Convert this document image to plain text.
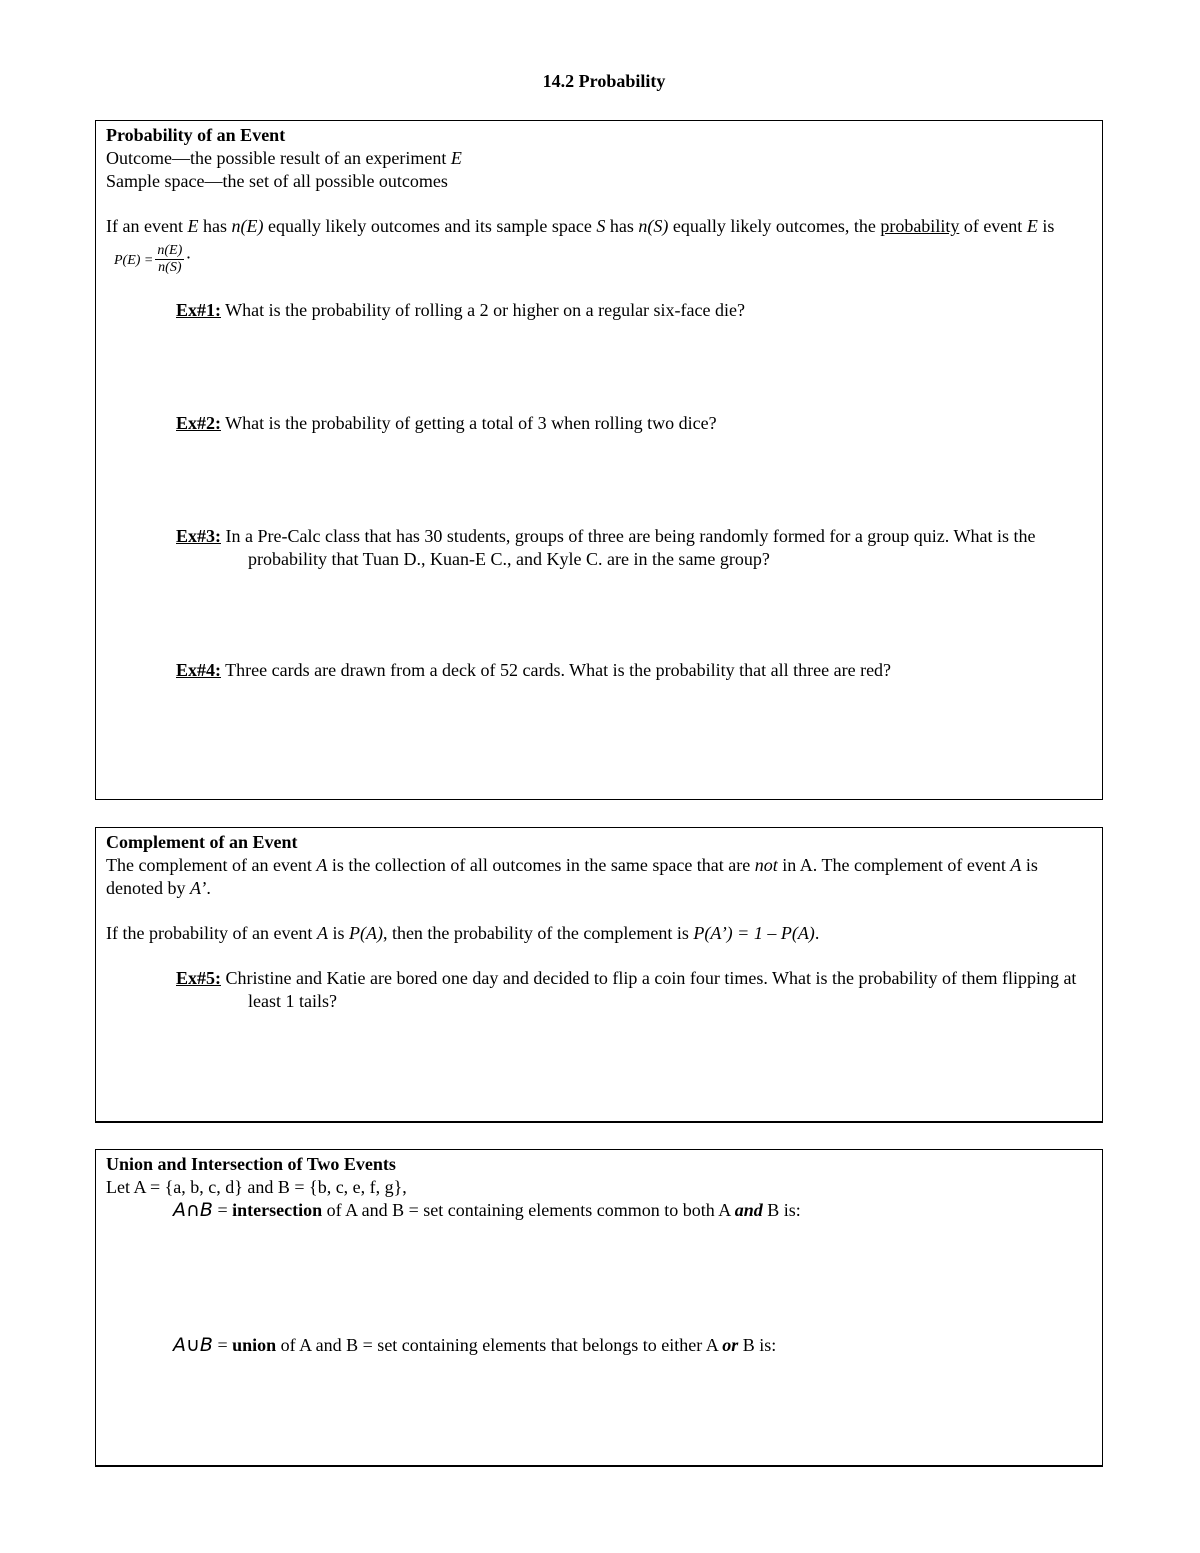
14.2 Probability

Probability of an Event

Outcome—the possible result of an experiment E

Sample space—the set of all possible outcomes

If an event E has n(E) equally likely outcomes and its sample space S has n(S) equally likely outcomes, the probability of event E is $_{P(E) =} \frac{n(E)}{n(S)}$ .

Ex#1: What is the probability of rolling a 2 or higher on a regular six-face die?

Ex#2: What is the probability of getting a total of 3 when rolling two dice?

Ex#3: In a Pre-Calc class that has 30 students, groups of three are being randomly formed for a group quiz. What is the probability that Tuan D., Kuan-E C., and Kyle C. are in the same group?

Ex#4: Three cards are drawn from a deck of 52 cards. What is the probability that all three are red?

Complement of an Event

The complement of an event A is the collection of all outcomes in the same space that are not in A. The complement of event A is denoted by A’.

If the probability of an event A is P(A), then the probability of the complement is P(A’) = 1 – P(A).

Ex#5: Christine and Katie are bored one day and decided to flip a coin four times. What is the probability of them flipping at least 1 tails?

Union and Intersection of Two Events

Let A = {a, b, c, d} and B = {b, c, e, f, g},

A∩B = intersection of A and B = set containing elements common to both A and B is:

A∪B = union of A and B = set containing elements that belongs to either A or B is:
